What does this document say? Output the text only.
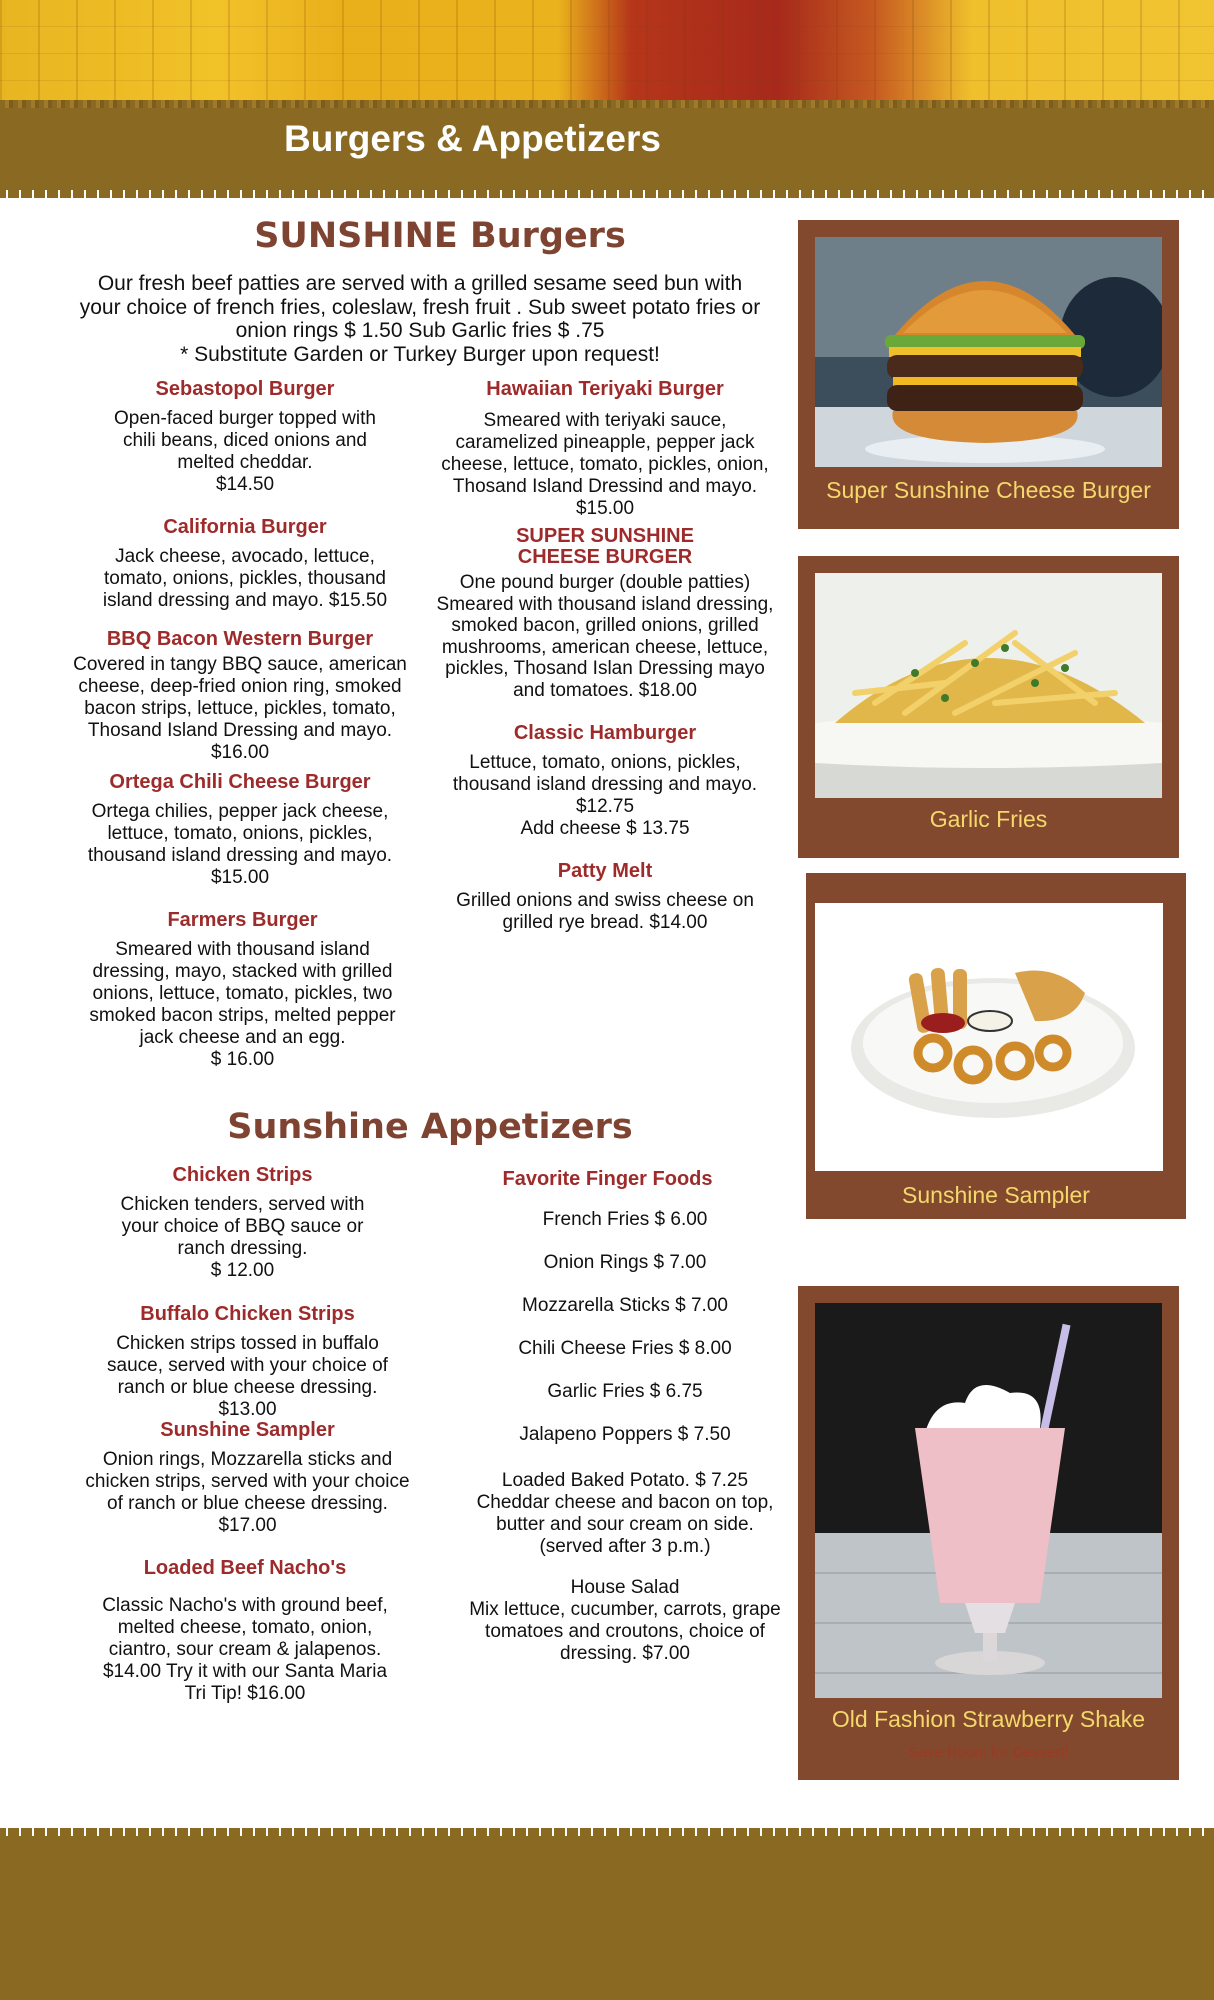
Burgers & Appetizers
SUNSHINE Burgers
Our fresh beef patties are served with a grilled sesame seed bun with
your choice of french fries, coleslaw, fresh fruit . Sub sweet potato fries or
onion rings $ 1.50 Sub Garlic fries $ .75
* Substitute Garden or Turkey Burger upon request!

Sebastopol Burger

Open-faced burger topped with
chili beans, diced onions and
melted cheddar.
$14.50

California Burger

Jack cheese, avocado, lettuce,
tomato, onions, pickles, thousand
island dressing and mayo. $15.50

BBQ Bacon Western Burger

Covered in tangy BBQ sauce, american
cheese, deep-fried onion ring, smoked
bacon strips, lettuce, pickles, tomato,
Thosand Island Dressing and mayo.
$16.00

Ortega Chili Cheese Burger

Ortega chilies, pepper jack cheese,
lettuce, tomato, onions, pickles,
thousand island dressing and mayo.
$15.00

Farmers Burger

Smeared with thousand island
dressing, mayo, stacked with grilled
onions, lettuce, tomato, pickles, two
smoked bacon strips, melted pepper
jack cheese and an egg.
$ 16.00

Hawaiian Teriyaki Burger

Smeared with teriyaki sauce,
caramelized pineapple, pepper jack
cheese, lettuce, tomato, pickles, onion,
Thosand Island Dressind and mayo.
$15.00

SUPER SUNSHINE
CHEESE BURGER

One pound burger (double patties)
Smeared with thousand island dressing,
smoked bacon, grilled onions, grilled
mushrooms, american cheese, lettuce,
pickles, Thosand Islan Dressing mayo
and tomatoes. $18.00

Classic Hamburger

Lettuce, tomato, onions, pickles,
thousand island dressing and mayo.
$12.75
Add cheese $ 13.75

Patty Melt

Grilled onions and swiss cheese on
grilled rye bread. $14.00

Sunshine Appetizers

Chicken Strips

Chicken tenders, served with
your choice of BBQ sauce or
ranch dressing.
$ 12.00

Buffalo Chicken Strips

Chicken strips tossed in buffalo
sauce, served with your choice of
ranch or blue cheese dressing.
$13.00

Sunshine Sampler

Onion rings, Mozzarella sticks and
chicken strips, served with your choice
of ranch or blue cheese dressing.
$17.00

Loaded Beef Nacho's

Classic Nacho's with ground beef,
melted cheese, tomato, onion,
ciantro, sour cream & jalapenos.
$14.00 Try it with our Santa Maria
Tri Tip! $16.00

Favorite Finger Foods

French Fries $ 6.00
Onion Rings $ 7.00
Mozzarella Sticks $ 7.00
Chili Cheese Fries $ 8.00
Garlic Fries $ 6.75
Jalapeno Poppers $ 7.50
Loaded Baked Potato. $ 7.25
Cheddar cheese and bacon on top,
butter and sour cream on side.
(served after 3 p.m.)
House Salad
Mix lettuce, cucumber, carrots, grape
tomatoes and croutons, choice of
dressing. $7.00
Super Sunshine Cheese Burger
Garlic Fries
Sunshine Sampler
Old Fashion Strawberry Shake
Save Room for Dessert!
